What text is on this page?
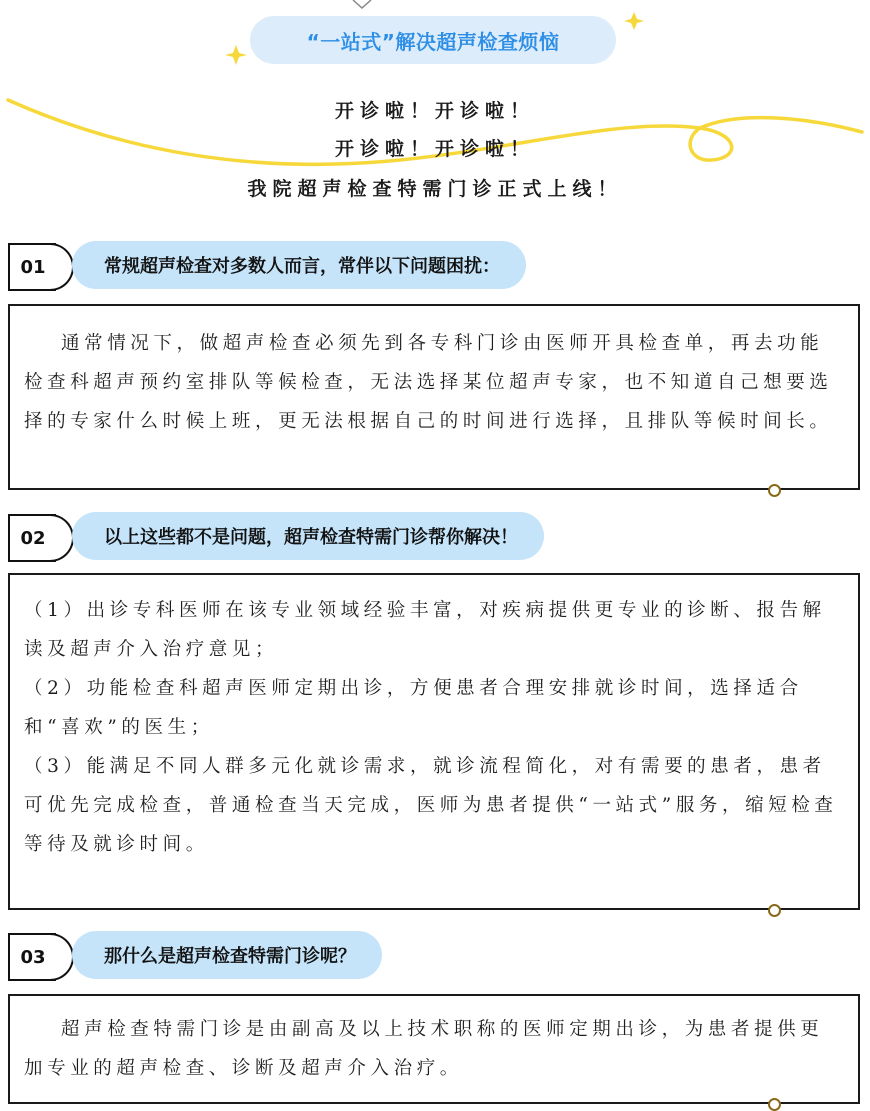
“一站式”解决超声检查烦恼
开诊啦！开诊啦！
开诊啦！开诊啦！
我院超声检查特需门诊正式上线！
01	常规超声检查对多数人而言，常伴以下问题困扰：

通常情况下，做超声检查必须先到各专科门诊由医师开具检查单，再去功能检查科超声预约室排队等候检查，无法选择某位超声专家，也不知道自己想要选择的专家什么时候上班，更无法根据自己的时间进行选择，且排队等候时间长。

02	以上这些都不是问题，超声检查特需门诊帮你解决！

（1）出诊专科医师在该专业领域经验丰富，对疾病提供更专业的诊断、报告解读及超声介入治疗意见；

（2）功能检查科超声医师定期出诊，方便患者合理安排就诊时间，选择适合和“喜欢”的医生；

（3）能满足不同人群多元化就诊需求，就诊流程简化，对有需要的患者，患者可优先完成检查，普通检查当天完成，医师为患者提供“一站式”服务，缩短检查等待及就诊时间。

03	那什么是超声检查特需门诊呢？

超声检查特需门诊是由副高及以上技术职称的医师定期出诊，为患者提供更加专业的超声检查、诊断及超声介入治疗。
